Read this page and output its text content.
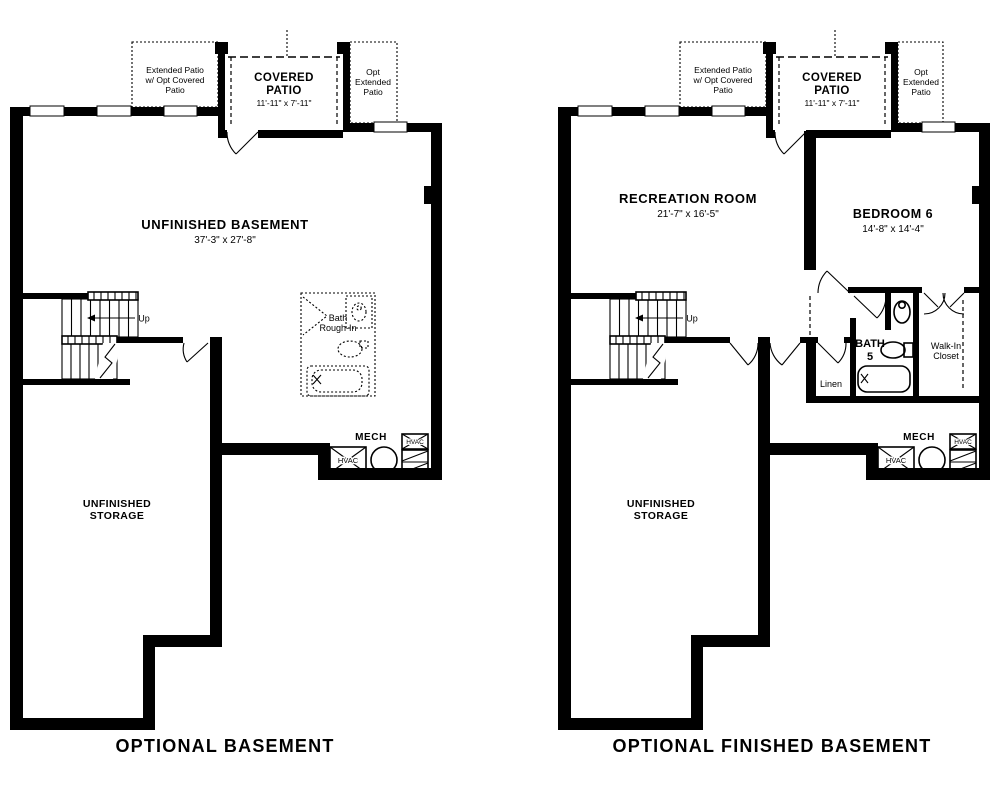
Up
HVAC
HVAC
MECH
Extended Patio
w/ Opt Covered
Patio
COVERED
PATIO
11'-11" x 7'-11"
Opt
Extended
Patio
UNFINISHED BASEMENT
37'-3" x 27'-8"
Bath
Rough-In
UNFINISHED
STORAGE
OPTIONAL BASEMENT
Up
HVAC
HVAC
MECH
Extended Patio
w/ Opt Covered
Patio
COVERED
PATIO
11'-11" x 7'-11"
Opt
Extended
Patio
RECREATION ROOM
21'-7" x 16'-5"	BEDROOM 6
14'-8" x 14'-4"
BATH
5
Walk-In
Closet
Linen
UNFINISHED
STORAGE
OPTIONAL FINISHED BASEMENT
